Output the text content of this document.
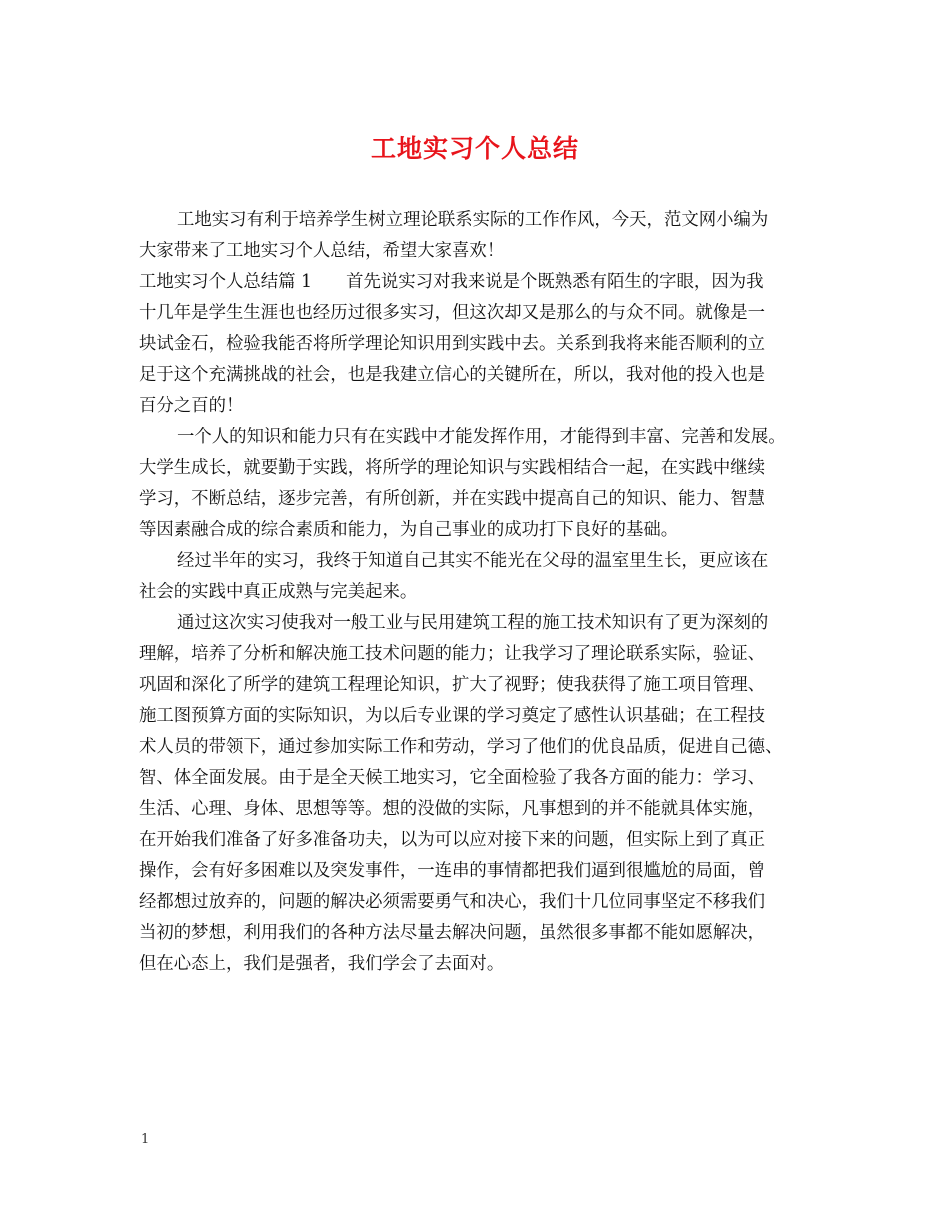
工地实习个人总结
工地实习有利于培养学生树立理论联系实际的工作作风，今天，范文网小编为
大家带来了工地实习个人总结，希望大家喜欢！
工地实习个人总结篇 1 首先说实习对我来说是个既熟悉有陌生的字眼，因为我
十几年是学生生涯也也经历过很多实习，但这次却又是那么的与众不同。就像是一
块试金石，检验我能否将所学理论知识用到实践中去。关系到我将来能否顺利的立
足于这个充满挑战的社会，也是我建立信心的关键所在，所以，我对他的投入也是
百分之百的！
一个人的知识和能力只有在实践中才能发挥作用，才能得到丰富、完善和发展。
大学生成长，就要勤于实践，将所学的理论知识与实践相结合一起，在实践中继续
学习，不断总结，逐步完善，有所创新，并在实践中提高自己的知识、能力、智慧
等因素融合成的综合素质和能力，为自己事业的成功打下良好的基础。
经过半年的实习，我终于知道自己其实不能光在父母的温室里生长，更应该在
社会的实践中真正成熟与完美起来。
通过这次实习使我对一般工业与民用建筑工程的施工技术知识有了更为深刻的
理解，培养了分析和解决施工技术问题的能力；让我学习了理论联系实际，验证、
巩固和深化了所学的建筑工程理论知识，扩大了视野；使我获得了施工项目管理、
施工图预算方面的实际知识，为以后专业课的学习奠定了感性认识基础；在工程技
术人员的带领下，通过参加实际工作和劳动，学习了他们的优良品质，促进自己德、
智、体全面发展。由于是全天候工地实习，它全面检验了我各方面的能力：学习、
生活、心理、身体、思想等等。想的没做的实际，凡事想到的并不能就具体实施，
在开始我们准备了好多准备功夫，以为可以应对接下来的问题，但实际上到了真正
操作，会有好多困难以及突发事件，一连串的事情都把我们逼到很尴尬的局面，曾
经都想过放弃的，问题的解决必须需要勇气和决心，我们十几位同事坚定不移我们
当初的梦想，利用我们的各种方法尽量去解决问题，虽然很多事都不能如愿解决，
但在心态上，我们是强者，我们学会了去面对。
1
